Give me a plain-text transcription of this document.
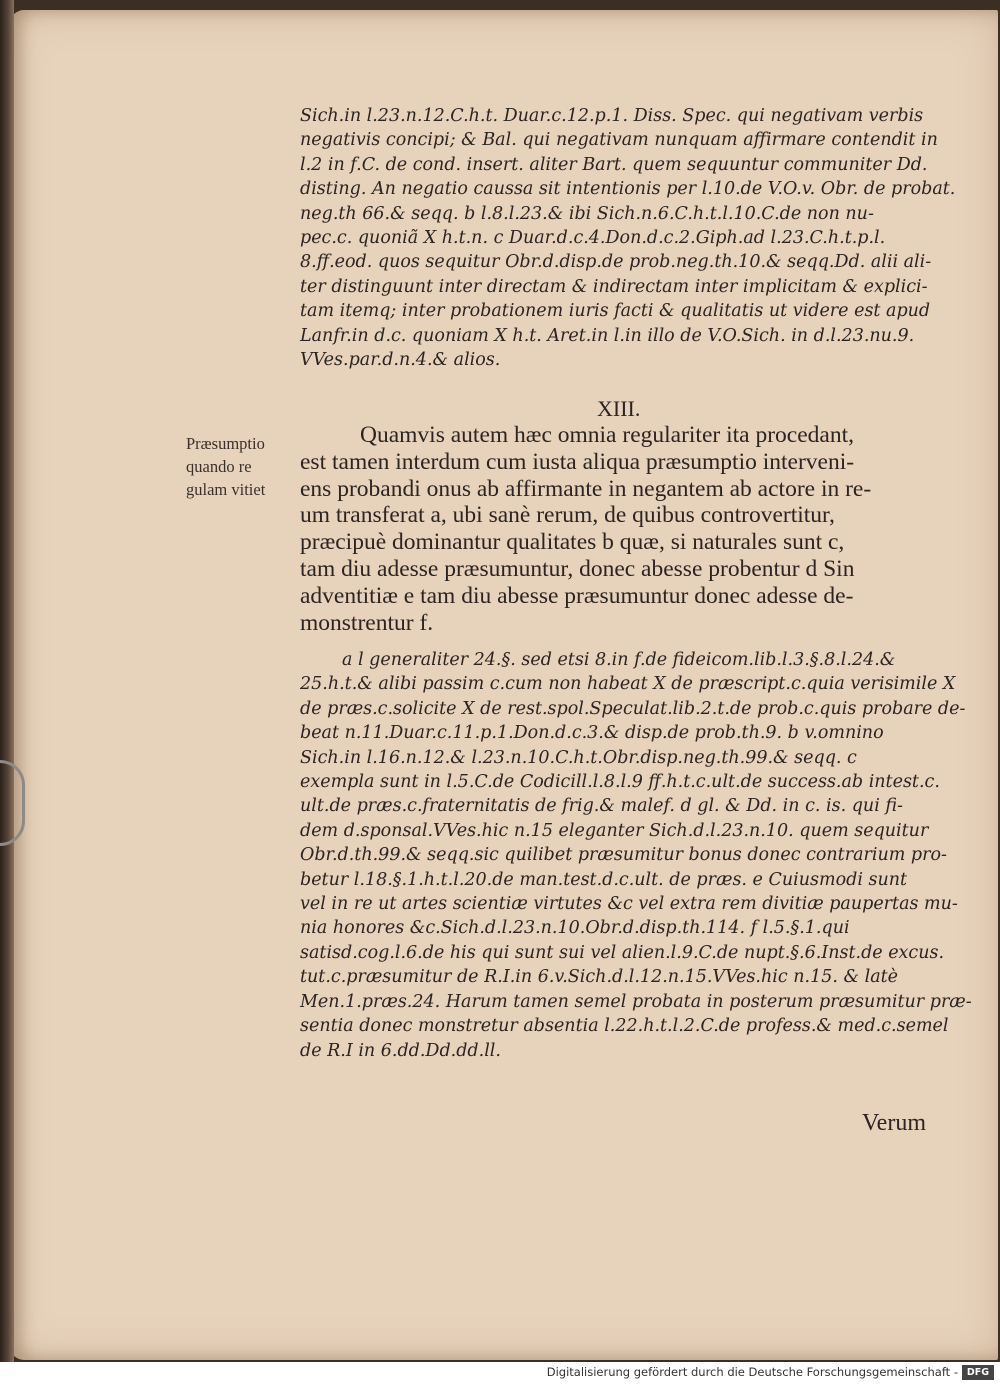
Sich.in l.23.n.12.C.h.t. Duar.c.12.p.1. Diss. Spec. qui negativam verbis
negativis concipi; & Bal. qui negativam nunquam affirmare contendit in
l.2 in f.C. de cond. insert. aliter Bart. quem sequuntur communiter Dd.
disting. An negatio caussa sit intentionis per l.10.de V.O.v. Obr. de probat.
neg.th 66.& seqq. b l.8.l.23.& ibi Sich.n.6.C.h.t.l.10.C.de non nu-
pec.c. quoniã X h.t.n. c Duar.d.c.4.Don.d.c.2.Giph.ad l.23.C.h.t.p.l.
8.ff.eod. quos sequitur Obr.d.disp.de prob.neg.th.10.& seqq.Dd. alii ali-
ter distinguunt inter directam & indirectam inter implicitam & explici-
tam itemq; inter probationem iuris facti & qualitatis ut videre est apud
Lanfr.in d.c. quoniam X h.t. Aret.in l.in illo de V.O.Sich. in d.l.23.nu.9.
VVes.par.d.n.4.& alios.
XIII.
Præsumptio
quando re
gulam vitiet
Quamvis autem hæc omnia regulariter ita procedant,
est tamen interdum cum iusta aliqua præsumptio interveni-
ens probandi onus ab affirmante in negantem ab actore in re-
um transferat a, ubi sanè rerum, de quibus controvertitur,
præcipuè dominantur qualitates b quæ, si naturales sunt c,
tam diu adesse præsumuntur, donec abesse probentur d Sin
adventitiæ e tam diu abesse præsumuntur donec adesse de-
monstrentur f.
a l generaliter 24.§. sed etsi 8.in f.de fideicom.lib.l.3.§.8.l.24.&
25.h.t.& alibi passim c.cum non habeat X de præscript.c.quia verisimile X
de præs.c.solicite X de rest.spol.Speculat.lib.2.t.de prob.c.quis probare de-
beat n.11.Duar.c.11.p.1.Don.d.c.3.& disp.de prob.th.9. b v.omnino
Sich.in l.16.n.12.& l.23.n.10.C.h.t.Obr.disp.neg.th.99.& seqq. c
exempla sunt in l.5.C.de Codicill.l.8.l.9 ff.h.t.c.ult.de success.ab intest.c.
ult.de præs.c.fraternitatis de frig.& malef. d gl. & Dd. in c. is. qui fi-
dem d.sponsal.VVes.hic n.15 eleganter Sich.d.l.23.n.10. quem sequitur
Obr.d.th.99.& seqq.sic quilibet præsumitur bonus donec contrarium pro-
betur l.18.§.1.h.t.l.20.de man.test.d.c.ult. de præs. e Cuiusmodi sunt
vel in re ut artes scientiæ virtutes &c vel extra rem divitiæ paupertas mu-
nia honores &c.Sich.d.l.23.n.10.Obr.d.disp.th.114. f l.5.§.1.qui
satisd.cog.l.6.de his qui sunt sui vel alien.l.9.C.de nupt.§.6.Inst.de excus.
tut.c.præsumitur de R.I.in 6.v.Sich.d.l.12.n.15.VVes.hic n.15. & latè
Men.1.præs.24. Harum tamen semel probata in posterum præsumitur præ-
sentia donec monstretur absentia l.22.h.t.l.2.C.de profess.& med.c.semel
de R.I in 6.dd.Dd.dd.ll.
Verum
Digitalisierung gefördert durch die Deutsche Forschungsgemeinschaft - DFG
